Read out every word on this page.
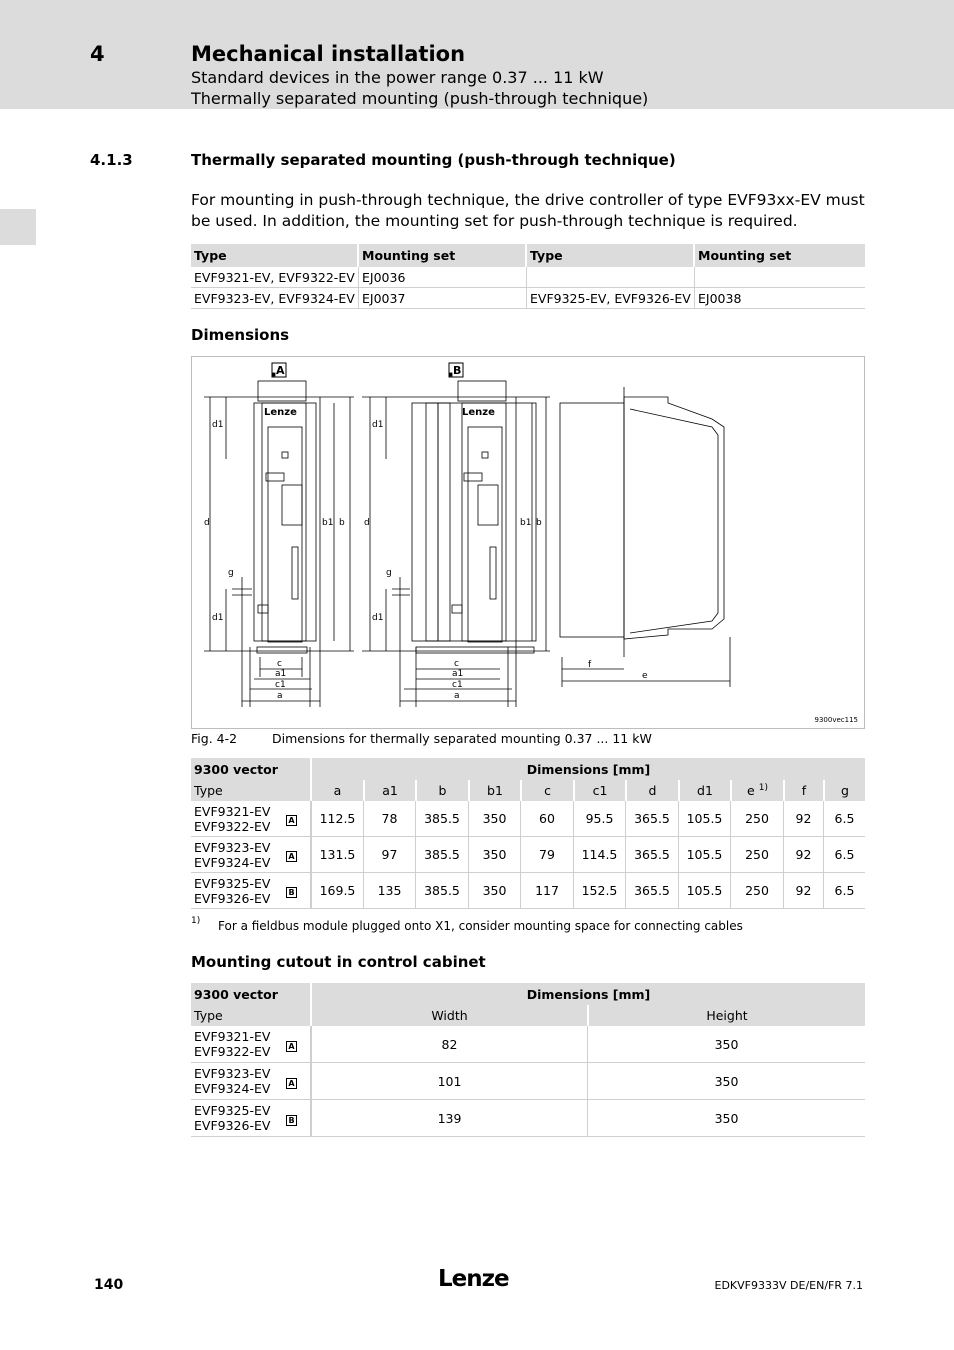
4	Mechanical installation
Standard devices in the power range 0.37 ... 11 kW
Thermally separated mounting (push-through technique)
4.1.3	Thermally separated mounting (push-through technique)
For mounting in push-through technique, the drive controller of type EVF93xx-EV must be used. In addition, the mounting set for push-through technique is required.
Type	Mounting set	Type	Mounting set
EVF9321-EV, EVF9322-EV	EJ0036		
EVF9323-EV, EVF9324-EV	EJ0037	EVF9325-EV, EVF9326-EV	EJ0038
Dimensions
A	B
Lenze	Lenze
d1
d
g
d1
b1 b
c
a1
c1
a
d1
d
g
d1
b1 b
c
a1
c1
a
f
e
9300vec115
Fig. 4-2	Dimensions for thermally separated mounting 0.37 ... 11 kW
9300 vector		Dimensions [mm]										
Type		a	a1	b	b1	c	c1	d	d1	e $^{1)}$	f	g

EVF9321-EV
EVF9322-EV	A	112.5	78	385.5	350	60	95.5	365.5	105.5	250	92	6.5

EVF9323-EV
EVF9324-EV	A	131.5	97	385.5	350	79	114.5	365.5	105.5	250	92	6.5

EVF9325-EV
EVF9326-EV	B	169.5	135	385.5	350	117	152.5	365.5	105.5	250	92	6.5
1) For a fieldbus module plugged onto X1, consider mounting space for connecting cables
Mounting cutout in control cabinet
9300 vector		Dimensions [mm]	
Type		Width	Height

EVF9321-EV
EVF9322-EV	A	82	350

EVF9323-EV
EVF9324-EV	A	101	350

EVF9325-EV
EVF9326-EV	B	139	350
140	Lenze	EDKVF9333V DE/EN/FR 7.1
